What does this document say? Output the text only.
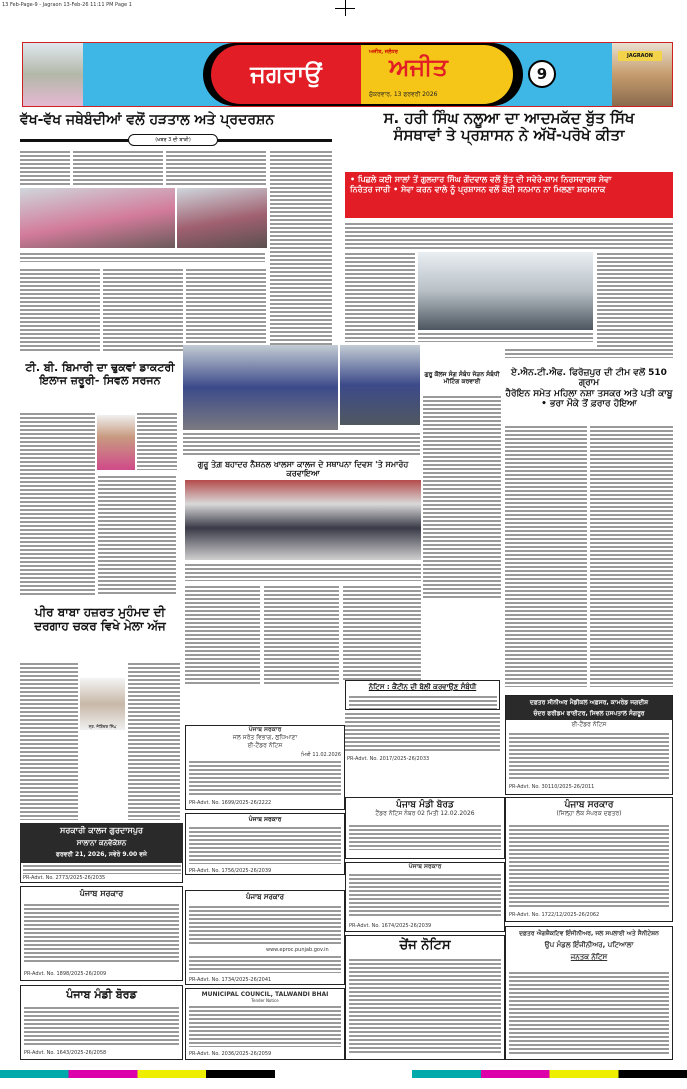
13 Feb-Page-9 - Jagraon 13-Feb-26 11:11 PM Page 1
JAGRAON
ਜਗਰਾਉਂ
ਅਜੀਤ, ਜਲੰਧਰ
ਅਜੀਤ
ਸ਼ੁੱਕਰਵਾਰ, 13 ਫਰਵਰੀ 2026
9
ਵੱਖ-ਵੱਖ ਜਥੇਬੰਦੀਆਂ ਵਲੋਂ ਹੜਤਾਲ ਅਤੇ ਪ੍ਰਦਰਸ਼ਨ
(ਖ਼ਬਰ 3 ਦੀ ਬਾਕੀ)
ਸ. ਹਰੀ ਸਿੰਘ ਨਲੂਆ ਦਾ ਆਦਮਕੱਦ ਬੁੱਤ ਸਿੱਖ
ਸੰਸਥਾਵਾਂ ਤੇ ਪ੍ਰਸ਼ਾਸਨ ਨੇ ਅੱਖੋਂ-ਪਰੋਖੇ ਕੀਤਾ
• ਪਿਛਲੇ ਕਈ ਸਾਲਾਂ ਤੋਂ ਗੁਲਜ਼ਾਰ ਸਿੰਘ ਗੋਂਦਵਾਲ ਵਲੋਂ ਬੁੱਤ ਦੀ ਸਵੇਰੇ-ਸ਼ਾਮ ਨਿਰਸਵਾਰਥ ਸੇਵਾ
ਨਿਰੰਤਰ ਜਾਰੀ • ਸੇਵਾ ਕਰਨ ਵਾਲੇ ਨੂੰ ਪ੍ਰਸ਼ਾਸਨ ਵਲੋਂ ਕੋਈ ਸਨਮਾਨ ਨਾ ਮਿਲਣਾ ਸ਼ਰਮਨਾਕ
ਟੀ. ਬੀ. ਬਿਮਾਰੀ ਦਾ ਢੁਕਵਾਂ ਡਾਕਟਰੀ
ਇਲਾਜ ਜ਼ਰੂਰੀ- ਸਿਵਲ ਸਰਜਨ	ਗੁਰੂ ਕੌਲਜ ਸੰਗ ਸੰਬੰਧ ਜੋੜਨ ਸੰਬੰਧੀ ਮੀਟਿੰਗ ਕਰਵਾਈ
ਗੁਰੂ ਤੇਗ਼ ਬਹਾਦਰ ਨੈਸ਼ਨਲ ਖਾਲਸਾ ਕਾਲਜ ਦੇ ਸਥਾਪਨਾ ਦਿਵਸ 'ਤੇ ਸਮਾਰੋਹ ਕਰਵਾਇਆ
ਏ.ਐਨ.ਟੀ.ਐਫ. ਫਿਰੋਜ਼ਪੁਰ ਦੀ ਟੀਮ ਵਲੋਂ 510 ਗ੍ਰਾਮ
ਹੈਰੋਇਨ ਸਮੇਤ ਮਹਿਲਾ ਨਸ਼ਾ ਤਸਕਰ ਅਤੇ ਪਤੀ ਕਾਬੂ
• ਭਰਾ ਮੌਕੇ ਤੋਂ ਫ਼ਰਾਰ ਹੋਇਆ
ਪੀਰ ਬਾਬਾ ਹਜ਼ਰਤ ਮੁਹੰਮਦ ਦੀ
ਦਰਗਾਹ ਚਕਰ ਵਿਖੇ ਮੇਲਾ ਅੱਜ
ਸ੍ਰ. ਜੋਗਿੰਦਰ ਸਿੰਘ
ਨੋਟਿਸ : ਕੈਂਟੀਨ ਦੀ ਬੋਲੀ ਕਰਵਾਉਣ ਸੰਬੰਧੀ
PR-Advt. No. 2017/2025-26/2033
ਦਫ਼ਤਰ ਸੀਨੀਅਰ ਮੈਡੀਕਲ ਅਫ਼ਸਰ, ਕਾਮਰੇਡ ਜਗਦੀਸ਼
ਚੰਦਰ ਫਰੀਡਮ ਫਾਈਟਰ, ਸਿਵਲ ਹਸਪਤਾਲ ਸੰਗਰੂਰ
ਈ-ਟੈਂਡਰ ਨੋਟਿਸ
PR-Advt. No. 30110/2025-26/2011
ਪੰਜਾਬ ਸਰਕਾਰ
ਜਲ ਸਰੋਤ ਵਿਭਾਗ, ਲੁਧਿਆਣਾ
ਈ-ਟੈਂਡਰ ਨੋਟਿਸ
ਮਿਤੀ 11.02.2026
PR-Advt. No. 1699/2025-26/2222
ਸਰਕਾਰੀ ਕਾਲਜ ਗੁਰਦਾਸਪੁਰ
ਸਾਲਾਨਾ ਕਨਵੋਕੇਸ਼ਨ
ਫਰਵਰੀ 21, 2026, ਸਵੇਰੇ 9.00 ਵਜੇ
PR-Advt. No. 2773/2025-26/2035
ਪੰਜਾਬ ਸਰਕਾਰ
PR-Advt. No. 1898/2025-26/2009
ਪੰਜਾਬ ਸਰਕਾਰ
PR-Advt. No. 1756/2025-26/2039
ਪੰਜਾਬ ਸਰਕਾਰ
www.eproc.punjab.gov.in
PR-Advt. No. 1734/2025-26/2041
ਪੰਜਾਬ ਮੰਡੀ ਬੋਰਡ
ਟੈਂਡਰ ਨੋਟਿਸ ਨੰਬਰ 02 ਮਿਤੀ 12.02.2026
ਪੰਜਾਬ ਸਰਕਾਰ
PR-Advt. No. 1674/2025-26/2039
ਚੇਂਜ ਨੋਟਿਸ
ਪੰਜਾਬ ਸਰਕਾਰ
(ਜਿਲ੍ਹਾ ਲੋਕ ਸੰਪਰਕ ਦਫਤਰ)
PR-Advt. No. 1722/12/2025-26/2062
ਦਫ਼ਤਰ ਐਗਜ਼ੈਕਟਿਵ ਇੰਜੀਨੀਅਰ, ਜਲ ਸਪਲਾਈ ਅਤੇ ਸੈਨੀਟੇਸ਼ਨ
ਉਪ ਮੰਡਲ ਇੰਜੀਨੀਅਰ, ਪਟਿਆਲਾ
ਜਨਤਕ ਨੋਟਿਸ
ਪੰਜਾਬ ਮੰਡੀ ਬੋਰਡ
PR-Advt. No. 1643/2025-26/2058
MUNICIPAL COUNCIL, TALWANDI BHAI
Tender Notice
PR-Advt. No. 2036/2025-26/2059
